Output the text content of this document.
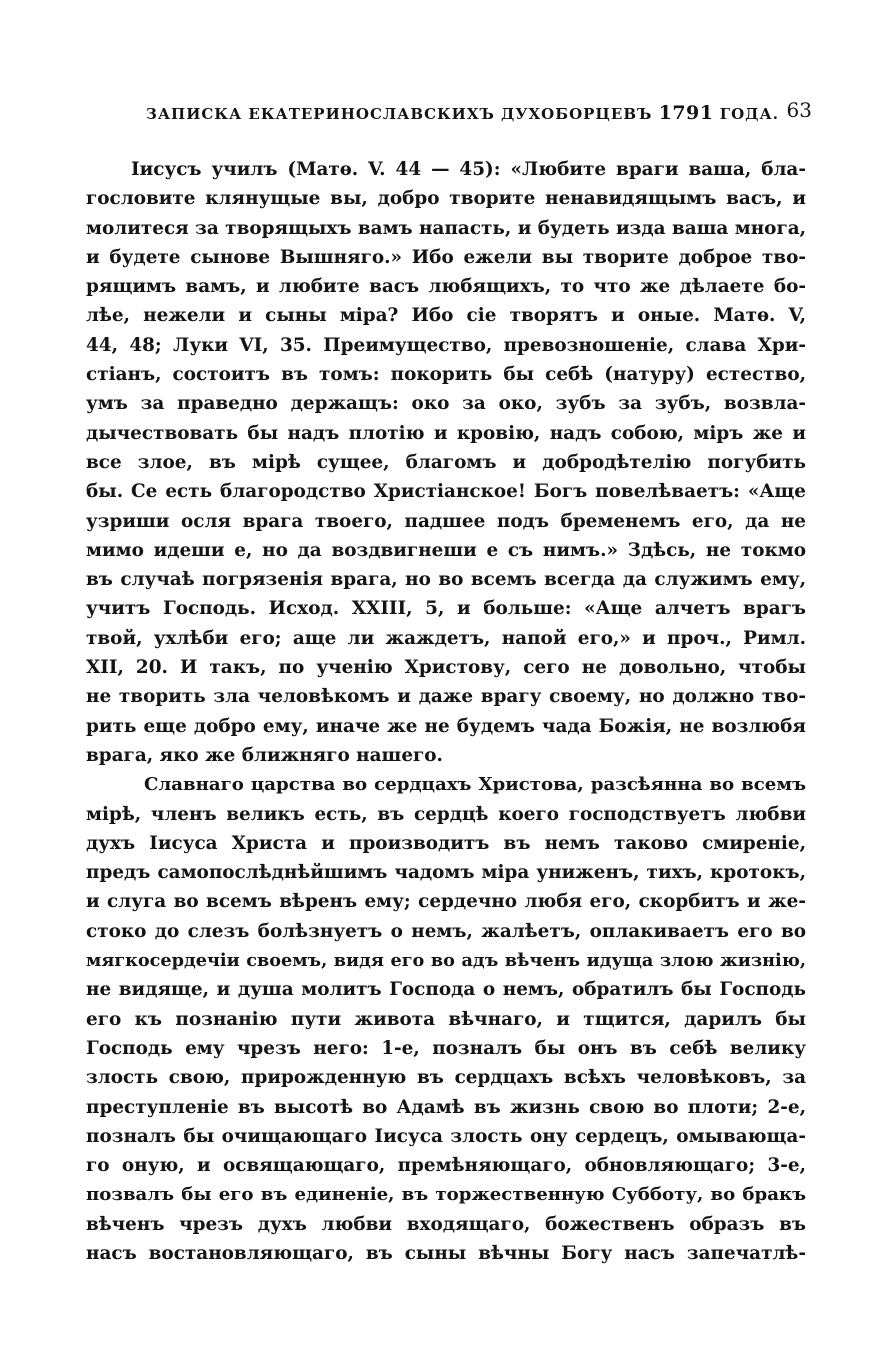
ЗАПИСКА ЕКАТЕРИНОСЛАВСКИХЪ ДУХОБОРЦЕВЪ 1791 ГОДА. 63
Iисусъ училъ (Матѳ. V. 44 — 45): «Любите враги ваша, бла-
гословите клянущые вы, добро творите ненавидящымъ васъ, и
молитеся за творящыхъ вамъ напасть, и будеть изда ваша многа,
и будете сынове Вышняго.» Ибо ежели вы творите доброе тво-
рящимъ вамъ, и любите васъ любящихъ, то что же дѣлаете бо-
лѣе, нежели и сыны міра? Ибо сіе творятъ и оные. Матѳ. V,
44, 48; Луки VI, 35. Преимущество, превозношеніе, слава Хри-
стіанъ, состоитъ въ томъ: покорить бы себѣ (натуру) естество,
умъ за праведно держащъ: око за око, зубъ за зубъ, возвла-
дычествовать бы надъ плотію и кровію, надъ собою, міръ же и
все злое, въ мірѣ сущее, благомъ и добродѣтелію погубить
бы. Се есть благородство Христіанское! Богъ повелѣваетъ: «Аще
узриши осля врага твоего, падшее подъ бременемъ его, да не
мимо идеши е, но да воздвигнеши е съ нимъ.» Здѣсь, не токмо
въ случаѣ погрязенія врага, но во всемъ всегда да служимъ ему,
учитъ Господь. Исход. XXIII, 5, и больше: «Аще алчетъ врагъ
твой, ухлѣби его; аще ли жаждетъ, напой его,» и проч., Римл.
XII, 20. И такъ, по ученію Христову, сего не довольно, чтобы
не творить зла человѣкомъ и даже врагу своему, но должно тво-
рить еще добро ему, иначе же не будемъ чада Божія, не возлюбя
врага, яко же ближняго нашего.
Славнаго царства во сердцахъ Христова, разсѣянна во всемъ
мірѣ, членъ великъ есть, въ сердцѣ коего господствуетъ любви
духъ Iисуса Христа и производитъ въ немъ таково смиреніе,
предъ самопослѣднѣйшимъ чадомъ міра униженъ, тихъ, кротокъ,
и слуга во всемъ вѣренъ ему; сердечно любя его, скорбитъ и же-
стоко до слезъ болѣзнуетъ о немъ, жалѣетъ, оплакиваетъ его во
мягкосердечіи своемъ, видя его во адъ вѣченъ идуща злою жизнію,
не видяще, и душа молитъ Господа о немъ, обратилъ бы Господь
его къ познанію пути живота вѣчнаго, и тщится, дарилъ бы
Господь ему чрезъ него: 1-е, позналъ бы онъ въ себѣ велику
злость свою, прирожденную въ сердцахъ всѣхъ человѣковъ, за
преступленіе въ высотѣ во Адамѣ въ жизнь свою во плоти; 2-е,
позналъ бы очищающаго Iисуса злость ону сердецъ, омывающа-
го оную, и освящающаго, премѣняющаго, обновляющаго; 3-е,
позвалъ бы его въ единеніе, въ торжественную Субботу, во бракъ
вѣченъ чрезъ духъ любви входящаго, божественъ образъ въ
насъ востановляющаго, въ сыны вѣчны Богу насъ запечатлѣ-
